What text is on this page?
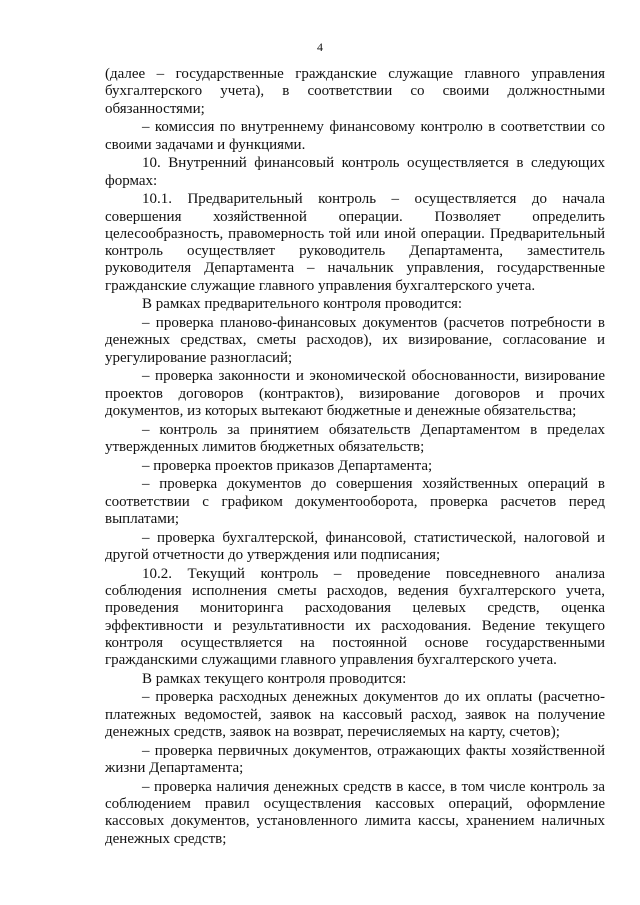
4

(далее – государственные гражданские служащие главного управления бухгалтерского учета), в соответствии со своими должностными обязанностями;

– комиссия по внутреннему финансовому контролю в соответствии со своими задачами и функциями.

10. Внутренний финансовый контроль осуществляется в следующих формах:

10.1. Предварительный контроль – осуществляется до начала совершения хозяйственной операции. Позволяет определить целесообразность, правомерность той или иной операции. Предварительный контроль осуществляет руководитель Департамента, заместитель руководителя Департамента – начальник управления, государственные гражданские служащие главного управления бухгалтерского учета.

В рамках предварительного контроля проводится:

– проверка планово-финансовых документов (расчетов потребности в денежных средствах, сметы расходов), их визирование, согласование и урегулирование разногласий;

– проверка законности и экономической обоснованности, визирование проектов договоров (контрактов), визирование договоров и прочих документов, из которых вытекают бюджетные и денежные обязательства;

– контроль за принятием обязательств Департаментом в пределах утвержденных лимитов бюджетных обязательств;

– проверка проектов приказов Департамента;

– проверка документов до совершения хозяйственных операций в соответствии с графиком документооборота, проверка расчетов перед выплатами;

– проверка бухгалтерской, финансовой, статистической, налоговой и другой отчетности до утверждения или подписания;

10.2. Текущий контроль – проведение повседневного анализа соблюдения исполнения сметы расходов, ведения бухгалтерского учета, проведения мониторинга расходования целевых средств, оценка эффективности и результативности их расходования. Ведение текущего контроля осуществляется на постоянной основе государственными гражданскими служащими главного управления бухгалтерского учета.

В рамках текущего контроля проводится:

– проверка расходных денежных документов до их оплаты (расчетно-платежных ведомостей, заявок на кассовый расход, заявок на получение денежных средств, заявок на возврат, перечисляемых на карту, счетов);

– проверка первичных документов, отражающих факты хозяйственной жизни Департамента;

– проверка наличия денежных средств в кассе, в том числе контроль за соблюдением правил осуществления кассовых операций, оформление кассовых документов, установленного лимита кассы, хранением наличных денежных средств;
